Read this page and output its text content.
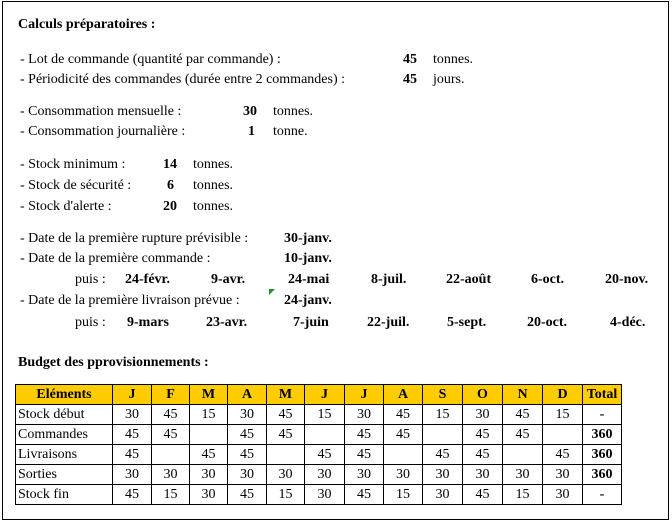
Calculs préparatoires :
- Lot de commande (quantité par commande) :	45 tonnes.
- Périodicité des commandes (durée entre 2 commandes) :	45 jours.
- Consommation mensuelle :	30 tonnes.
- Consommation journalière :	1 tonne.
- Stock minimum :	14 tonnes.
- Stock de sécurité :	6 tonnes.
- Stock d'alerte :	20 tonnes.
- Date de la première rupture prévisible :	30-janv.
- Date de la première commande :	10-janv.
puis : 24-févr.	9-avr.	24-mai	8-juil.	22-août	6-oct.	20-nov.
- Date de la première livraison prévue :	24-janv.
puis : 9-mars	23-avr.	7-juin	22-juil.	5-sept.	20-oct.	4-déc.
Budget des pprovisionnements :
Eléments	J	F	M	A	M	J	J	A	S	O	N	D	Total
Stock début	30	45	15	30	45	15	30	45	15	30	45	15	-
Commandes	45	45		45	45		45	45		45	45		360
Livraisons	45		45	45		45	45		45	45		45	360
Sorties	30	30	30	30	30	30	30	30	30	30	30	30	360
Stock fin	45	15	30	45	15	30	45	15	30	45	15	30	-
